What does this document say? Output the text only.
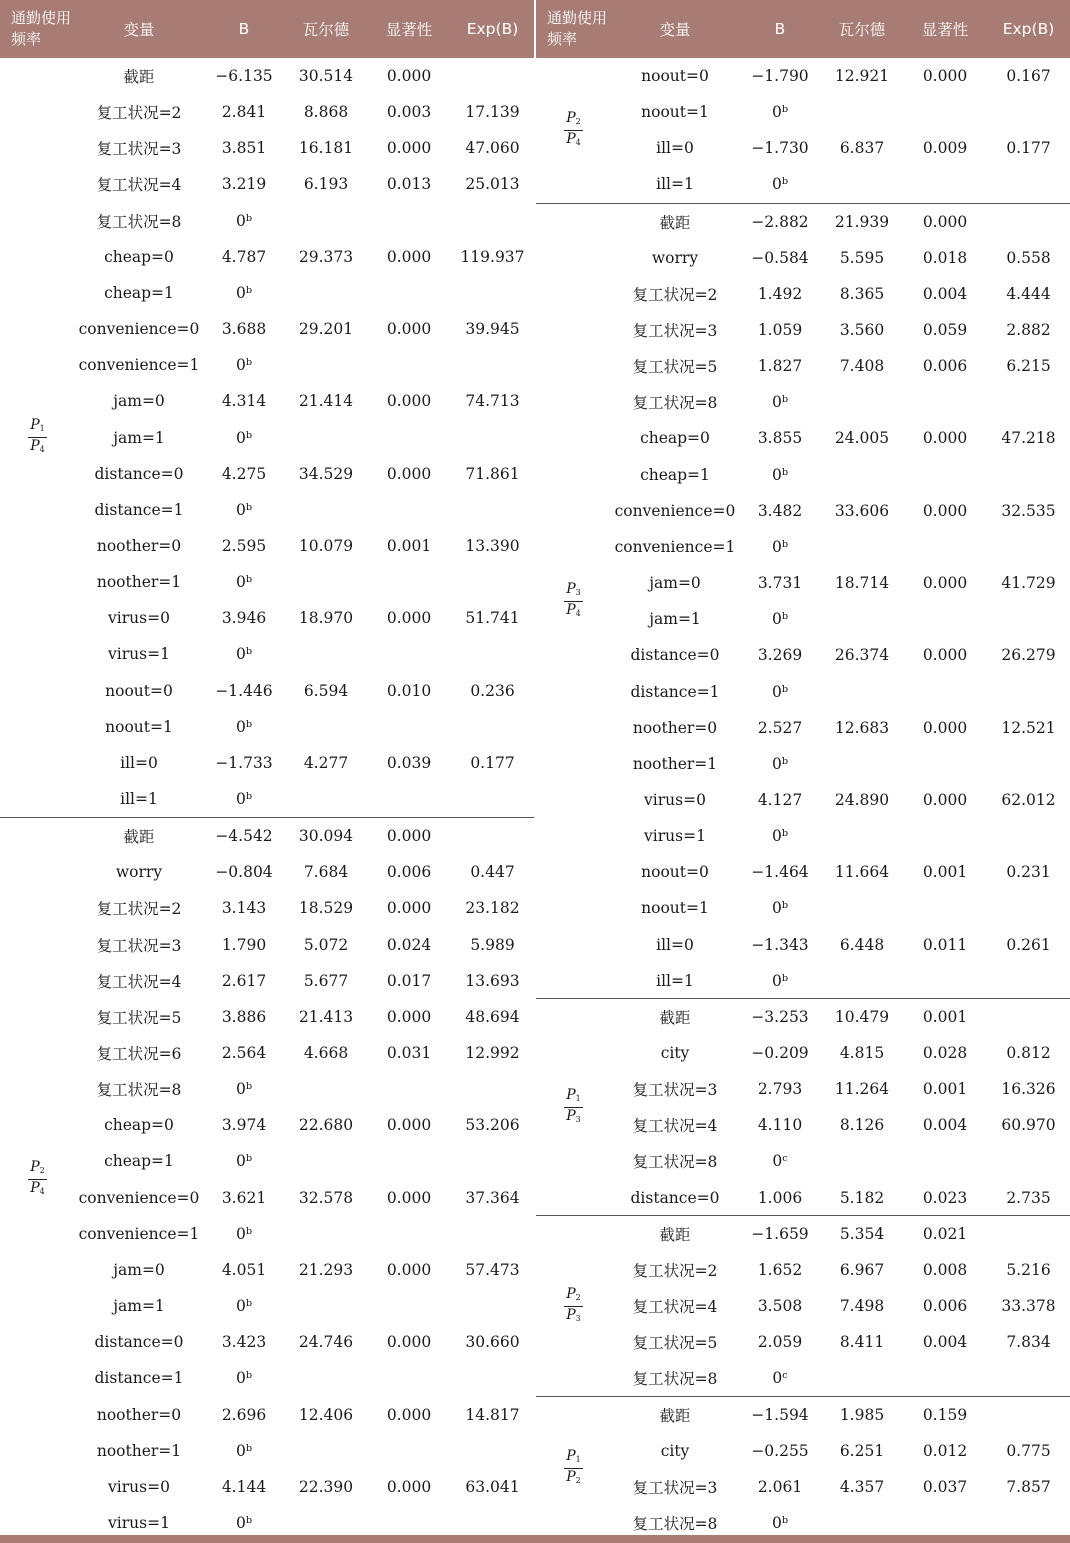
通勤使用频率	变量	B	瓦尔德	显著性	Exp(B)
$\frac{P_1}{P_4}$
截距	−6.135	30.514	0.000
复工状况=2	2.841	8.868	0.003	17.139
复工状况=3	3.851	16.181	0.000	47.060
复工状况=4	3.219	6.193	0.013	25.013
复工状况=8	0ᵇ
cheap=0	4.787	29.373	0.000	119.937
cheap=1	0ᵇ
convenience=0	3.688	29.201	0.000	39.945
convenience=1	0ᵇ
jam=0	4.314	21.414	0.000	74.713
jam=1	0ᵇ
distance=0	4.275	34.529	0.000	71.861
distance=1	0ᵇ
noother=0	2.595	10.079	0.001	13.390
noother=1	0ᵇ
virus=0	3.946	18.970	0.000	51.741
virus=1	0ᵇ
noout=0	−1.446	6.594	0.010	0.236
noout=1	0ᵇ
ill=0	−1.733	4.277	0.039	0.177
ill=1	0ᵇ
$\frac{P_2}{P_4}$
截距	−4.542	30.094	0.000
worry	−0.804	7.684	0.006	0.447
复工状况=2	3.143	18.529	0.000	23.182
复工状况=3	1.790	5.072	0.024	5.989
复工状况=4	2.617	5.677	0.017	13.693
复工状况=5	3.886	21.413	0.000	48.694
复工状况=6	2.564	4.668	0.031	12.992
复工状况=8	0ᵇ
cheap=0	3.974	22.680	0.000	53.206
cheap=1	0ᵇ
convenience=0	3.621	32.578	0.000	37.364
convenience=1	0ᵇ
jam=0	4.051	21.293	0.000	57.473
jam=1	0ᵇ
distance=0	3.423	24.746	0.000	30.660
distance=1	0ᵇ
noother=0	2.696	12.406	0.000	14.817
noother=1	0ᵇ
virus=0	4.144	22.390	0.000	63.041
virus=1	0ᵇ
通勤使用频率	变量	B	瓦尔德	显著性	Exp(B)
$\frac{P_2}{P_4}$
noout=0	−1.790	12.921	0.000	0.167
noout=1	0ᵇ
ill=0	−1.730	6.837	0.009	0.177
ill=1	0ᵇ
$\frac{P_3}{P_4}$
截距	−2.882	21.939	0.000
worry	−0.584	5.595	0.018	0.558
复工状况=2	1.492	8.365	0.004	4.444
复工状况=3	1.059	3.560	0.059	2.882
复工状况=5	1.827	7.408	0.006	6.215
复工状况=8	0ᵇ
cheap=0	3.855	24.005	0.000	47.218
cheap=1	0ᵇ
convenience=0	3.482	33.606	0.000	32.535
convenience=1	0ᵇ
jam=0	3.731	18.714	0.000	41.729
jam=1	0ᵇ
distance=0	3.269	26.374	0.000	26.279
distance=1	0ᵇ
noother=0	2.527	12.683	0.000	12.521
noother=1	0ᵇ
virus=0	4.127	24.890	0.000	62.012
virus=1	0ᵇ
noout=0	−1.464	11.664	0.001	0.231
noout=1	0ᵇ
ill=0	−1.343	6.448	0.011	0.261
ill=1	0ᵇ
$\frac{P_1}{P_3}$
截距	−3.253	10.479	0.001
city	−0.209	4.815	0.028	0.812
复工状况=3	2.793	11.264	0.001	16.326
复工状况=4	4.110	8.126	0.004	60.970
复工状况=8	0ᶜ
distance=0	1.006	5.182	0.023	2.735
$\frac{P_2}{P_3}$
截距	−1.659	5.354	0.021
复工状况=2	1.652	6.967	0.008	5.216
复工状况=4	3.508	7.498	0.006	33.378
复工状况=5	2.059	8.411	0.004	7.834
复工状况=8	0ᶜ
$\frac{P_1}{P_2}$
截距	−1.594	1.985	0.159
city	−0.255	6.251	0.012	0.775
复工状况=3	2.061	4.357	0.037	7.857
复工状况=8	0ᵇ
